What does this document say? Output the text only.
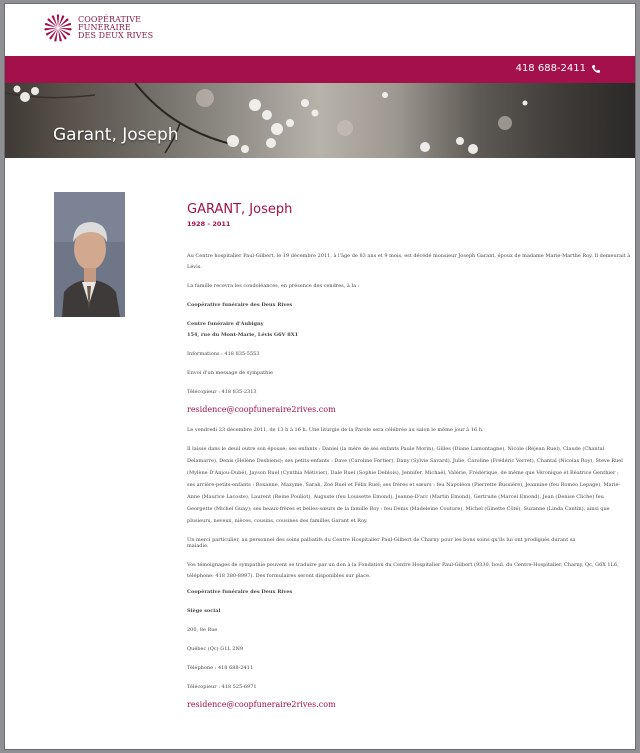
COOPÉRATIVE
FUNÉRAIRE
DES DEUX RIVES
418 688-2411
Garant, Joseph
GARANT, Joseph
1928 - 2011
Au Centre hospitalier Paul-Gilbert, le 19 décembre 2011, à l'âge de 83 ans et 9 mois, est décédé monsieur Joseph Garant, époux de madame Marie-Marthe Roy. Il demeurait à
Lévis.
La famille recevra les condoléances, en présence des cendres, à la :
Coopérative funéraire des Deux Rives
Centre funéraire d'Aubigny
154, rue du Mont-Marie, Lévis G6V 8X1
Informations : 418 835-5553
Envoi d'un message de sympathie
Télécopieur : 418 835-2313
residence@coopfuneraire2rives.com
Le vendredi 23 décembre 2011, de 13 h à 16 h. Une liturgie de la Parole sera célébrée au salon le même jour à 16 h.
Il laisse dans le deuil outre son épouse; ses enfants : Daniel (la mère de ses enfants Paule Morin), Gilles (Diane Lamontagne), Nicole (Réjean Ruel), Claude (Chantal
Delamarre), Denis (Hélène Desbiens); ses petits-enfants : Dave (Caroline Fortier), Dany (Sylvie Savard), Julie, Caroline (Frédéric Verret), Chantal (Nicolas Roy), Steve Ruel
(Mylène D'Anjou-Dubé), Jayson Ruel (Cynthia Métivier), Dale Ruel (Sophie Deblois), Jennifer, Michaël, Valérie, Frédérique, de même que Véronique et Béatrice Genthier ;
ses arrière-petits-enfants : Roxanne, Maxyme, Sarah, Zoé Ruel et Félix Ruel; ses frères et sœurs : feu Napoléon (Pierrette Bussière), Jeannine (feu Roméo Lepage), Marie-
Anne (Maurice Lacoste), Laurent (Reine Pouliot), Auguste (feu Louisette Emond), Jeanne-D'arc (Martin Emond), Gertrude (Marcel Emond), Jean (Denise Cliche) feu
Georgette (Michel Guay); ses beaux-frères et belles-sœurs de la famille Roy : feu Denis (Madeleine Couture), Michel (Ginette Côté), Suzanne (Linda Cantin), ainsi que
plusieurs, neveux, nièces, cousins, cousines des familles Garant et Roy.
Un merci particulier, au personnel des soins palliatifs du Centre Hospitalier Paul-Gilbert de Charny pour les bons soins qu'ils lui ont prodigués durant sa maladie.
Vos témoignages de sympathie peuvent se traduire par un don à la Fondation du Centre Hospitalier Paul-Gilbert (9330, boul. du Centre-Hospitalier, Charny, Qc, G6X 1L6,
téléphone: 418 380-8997). Des formulaires seront disponibles sur place.
Coopérative funéraire des Deux Rives
Siège social
200, 8e Rue
Québec (Qc) G1L 2N9
Téléphone : 418 688-2411
Télécopieur : 418 525-6971
residence@coopfuneraire2rives.com
